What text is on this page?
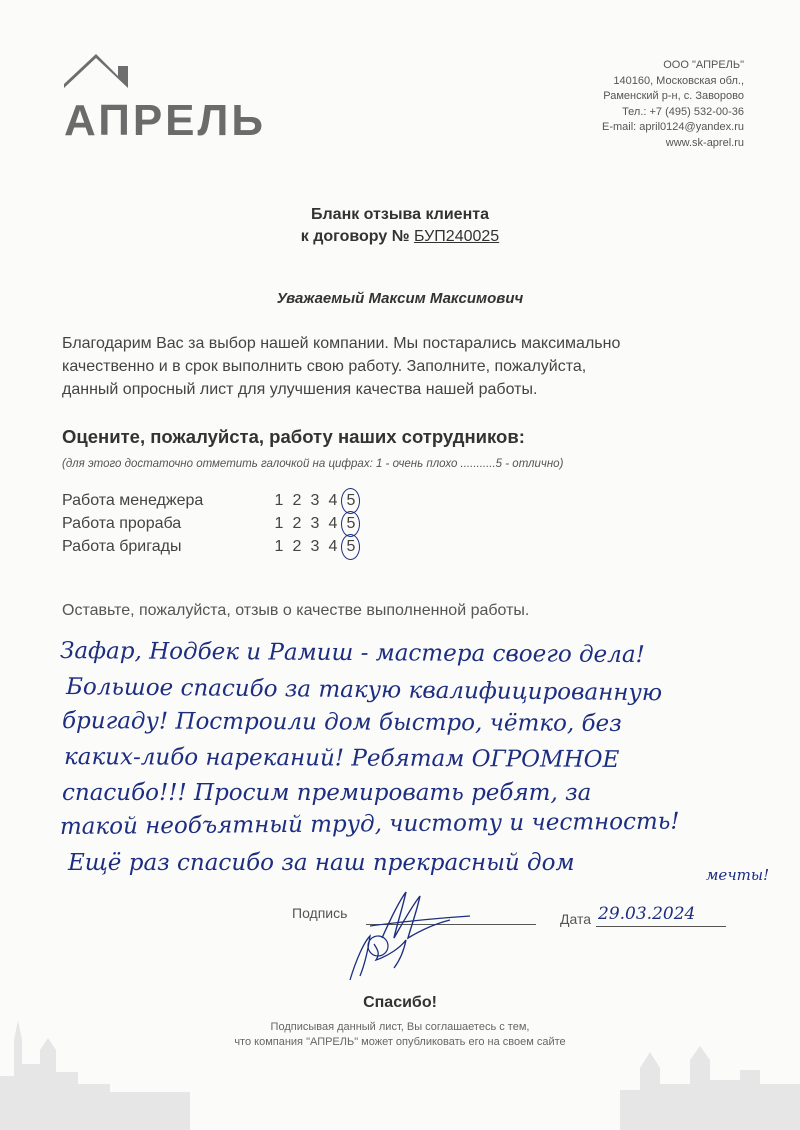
АПРЕЛЬ
ООО "АПРЕЛЬ"
140160, Московская обл.,
Раменский р-н, с. Заворово
Тел.: +7 (495) 532-00-36
E-mail: april0124@yandex.ru
www.sk-aprel.ru
Бланк отзыва клиента
к договору № БУП240025
Уважаемый Максим Максимович
Благодарим Вас за выбор нашей компании. Мы постарались максимально
качественно и в срок выполнить свою работу. Заполните, пожалуйста,
данный опросный лист для улучшения качества нашей работы.
Оцените, пожалуйста, работу наших сотрудников:
(для этого достаточно отметить галочкой на цифрах: 1 - очень плохо ...........5 - отлично)
Работа менеджера	1 2 3 4 5
Работа прораба	1 2 3 4 5
Работа бригады	1 2 3 4 5
Оставьте, пожалуйста, отзыв о качестве выполненной работы.
Зафар, Нодбек и Рамиш - мастера своего дела!
Большое спасибо за такую квалифицированную
бригаду! Построили дом быстро, чётко, без
каких-либо нареканий! Ребятам ОГРОМНОЕ
спасибо!!! Просим премировать ребят, за
такой необъятный труд, чистоту и честность!
Ещё раз спасибо за наш прекрасный дом	мечты!
Подпись	Дата 29.03.2024
Спасибо!
Подписывая данный лист, Вы соглашаетесь с тем,
что компания "АПРЕЛЬ" может опубликовать его на своем сайте
